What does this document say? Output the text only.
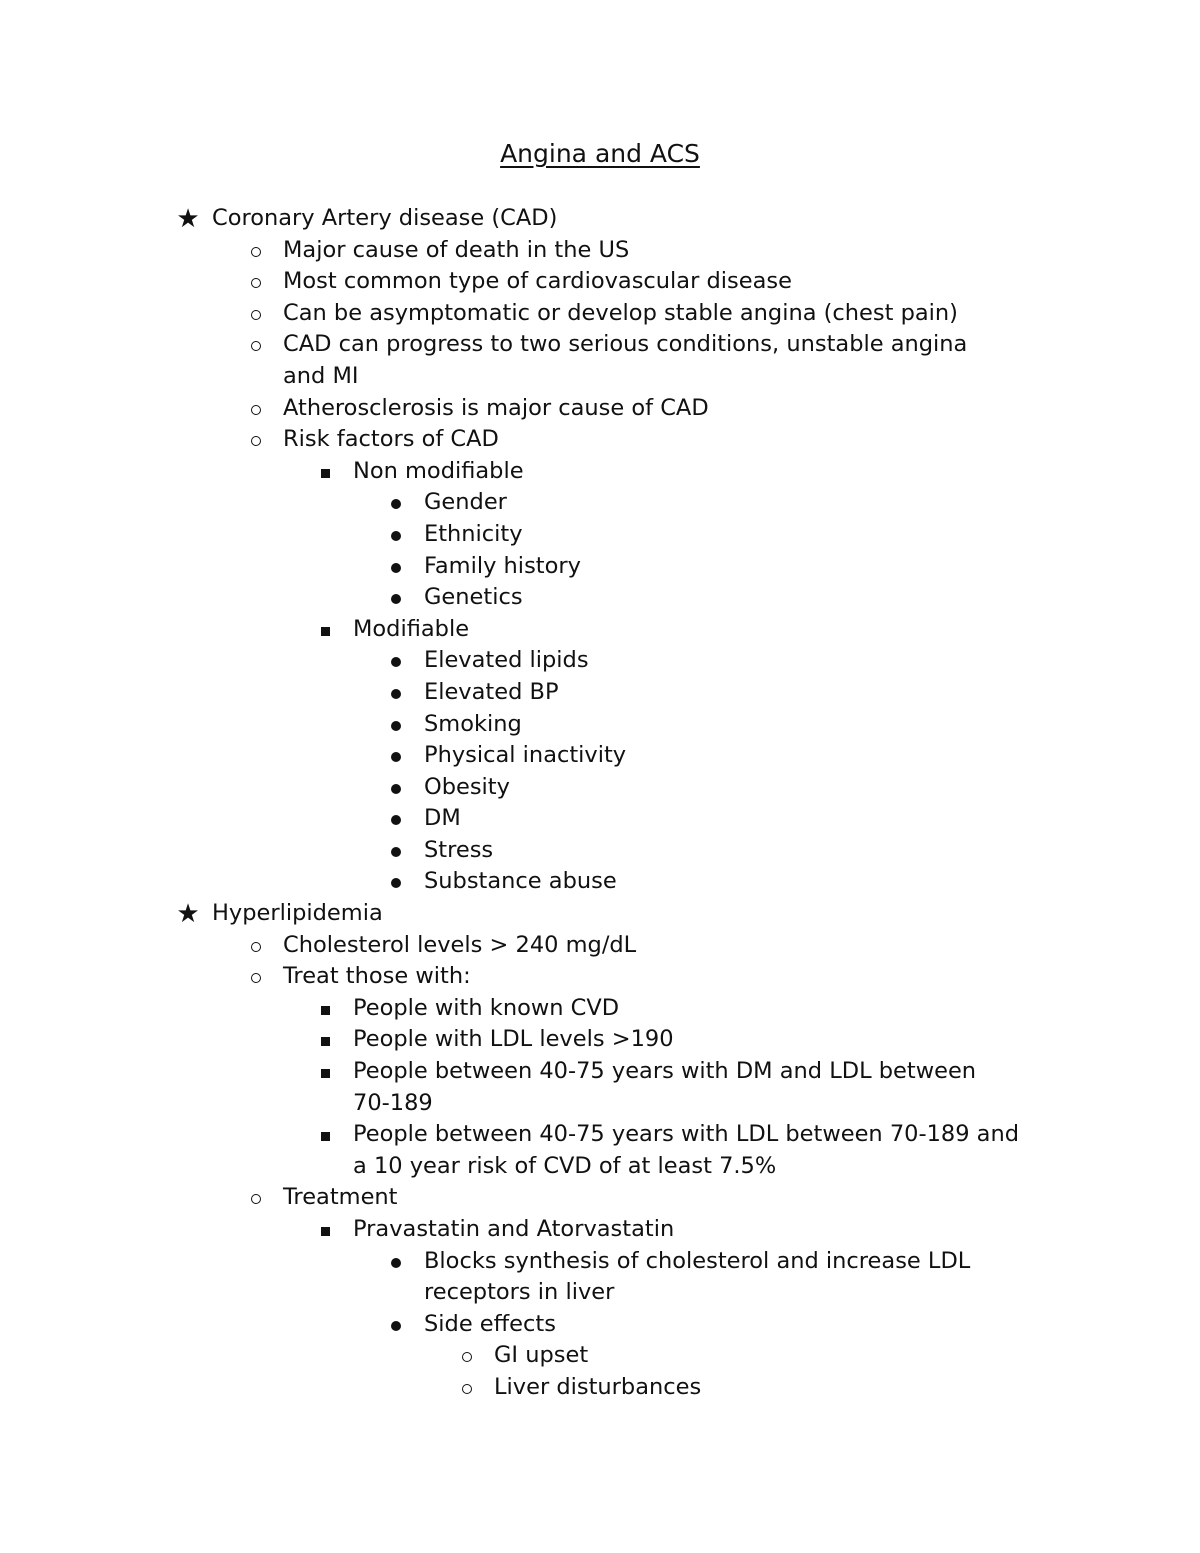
Angina and ACS
★ Coronary Artery disease (CAD)
Major cause of death in the US
Most common type of cardiovascular disease
Can be asymptomatic or develop stable angina (chest pain)
CAD can progress to two serious conditions, unstable angina
and MI
Atherosclerosis is major cause of CAD
Risk factors of CAD
Non modifiable
Gender
Ethnicity
Family history
Genetics
Modifiable
Elevated lipids
Elevated BP
Smoking
Physical inactivity
Obesity
DM
Stress
Substance abuse
★ Hyperlipidemia
Cholesterol levels > 240 mg/dL
Treat those with:
People with known CVD
People with LDL levels >190
People between 40-75 years with DM and LDL between
70-189
People between 40-75 years with LDL between 70-189 and
a 10 year risk of CVD of at least 7.5%
Treatment
Pravastatin and Atorvastatin
Blocks synthesis of cholesterol and increase LDL
receptors in liver
Side effects
GI upset
Liver disturbances
